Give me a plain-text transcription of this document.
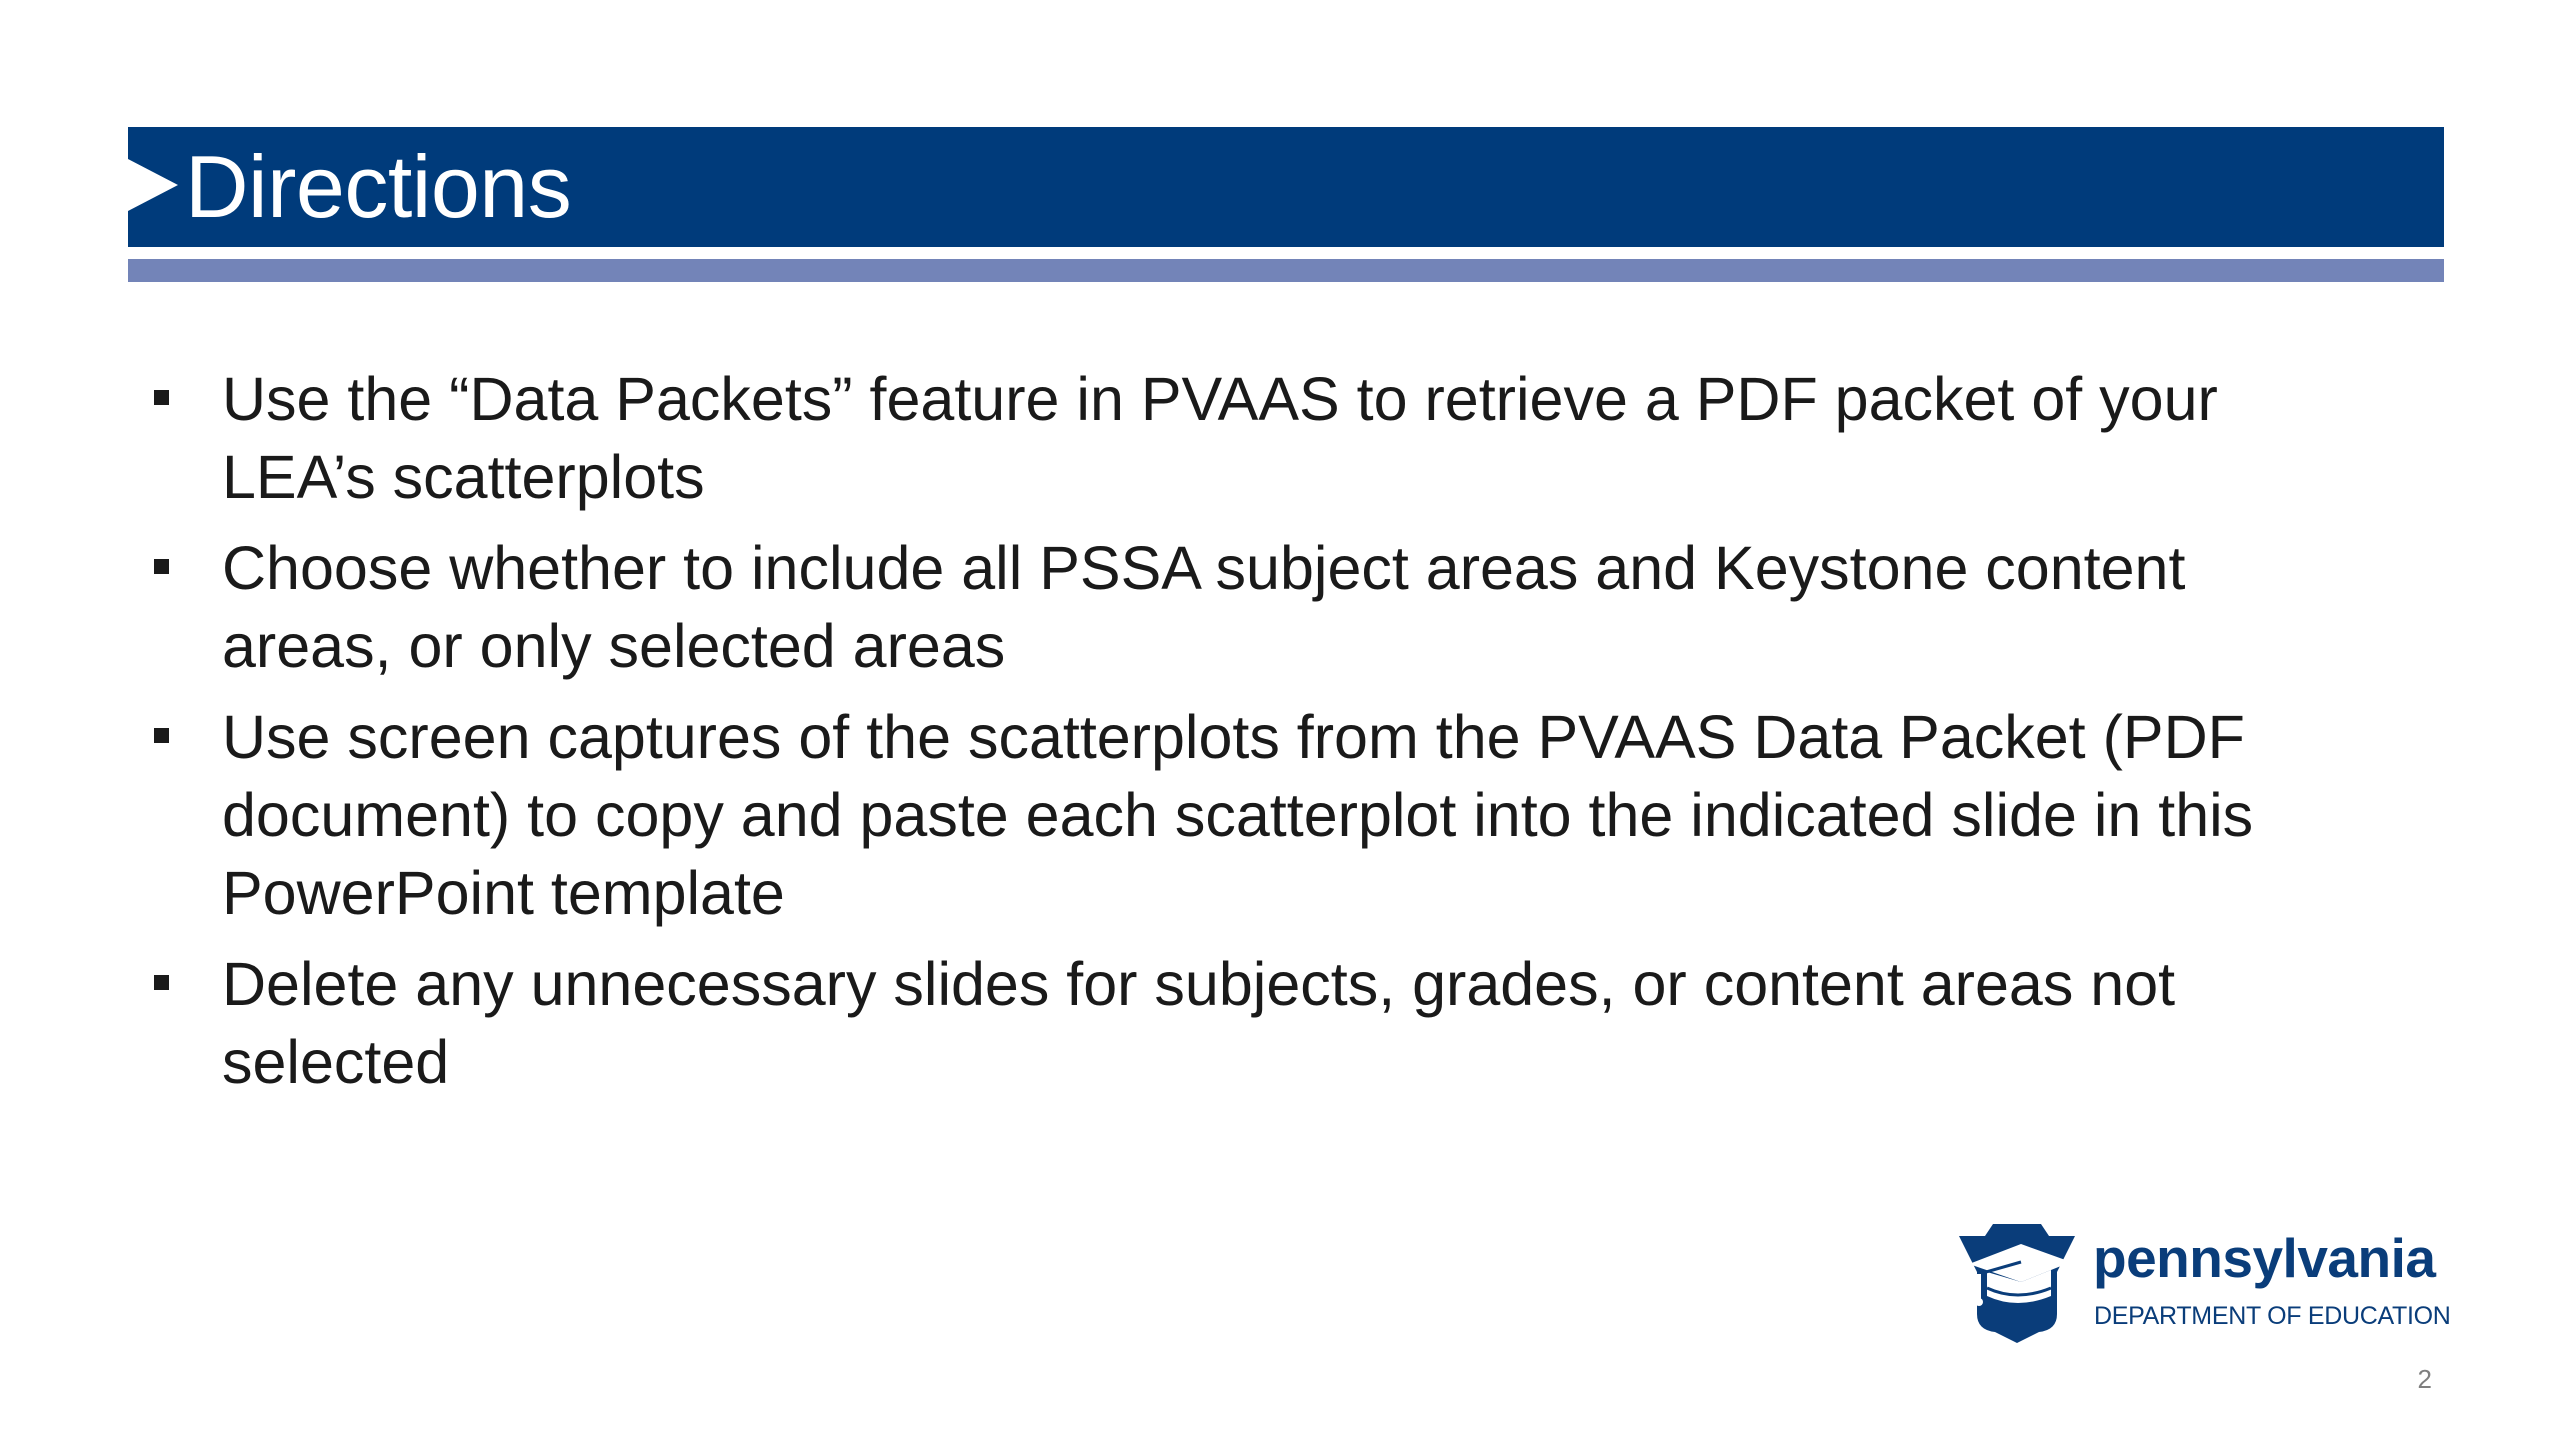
Directions
Use the “Data Packets” feature in PVAAS to retrieve a PDF packet of your LEA’s scatterplots
Choose whether to include all PSSA subject areas and Keystone content areas, or only selected areas
Use screen captures of the scatterplots from the PVAAS Data Packet (PDF document) to copy and paste each scatterplot into the indicated slide in this PowerPoint template
Delete any unnecessary slides for subjects, grades, or content areas not selected
pennsylvania
DEPARTMENT OF EDUCATION
2
